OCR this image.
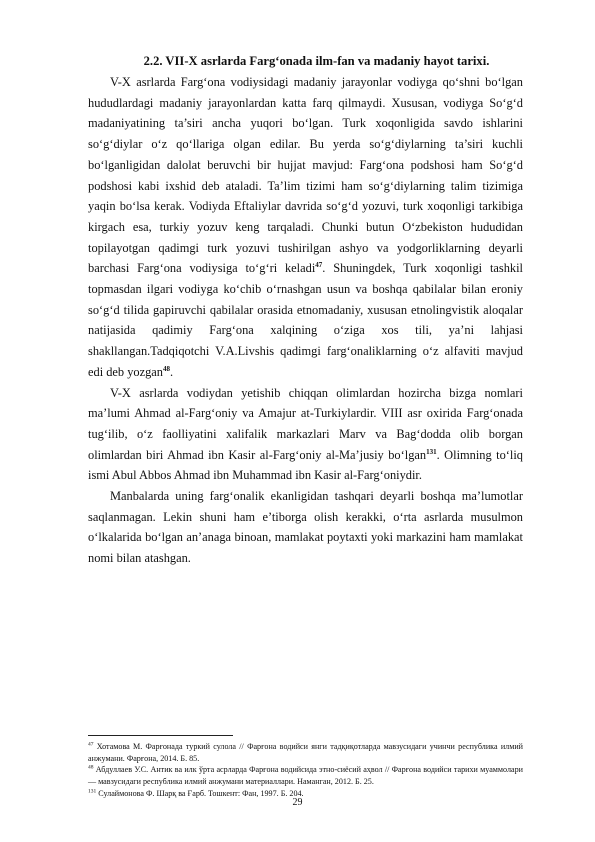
2.2. VII-X asrlarda Farg‘onada ilm-fan va madaniy hayot tarixi.

V-X asrlarda Farg‘ona vodiysidagi madaniy jarayonlar vodiyga qo‘shni bo‘lgan hududlardagi madaniy jarayonlardan katta farq qilmaydi. Xususan, vodiyga So‘g‘d madaniyatining ta’siri ancha yuqori bo‘lgan. Turk xoqonligida savdo ishlarini so‘g‘diylar o‘z qo‘llariga olgan edilar. Bu yerda so‘g‘diylarning ta’siri kuchli bo‘lganligidan dalolat beruvchi bir hujjat mavjud: Farg‘ona podshosi ham So‘g‘d podshosi kabi ixshid deb ataladi. Ta’lim tizimi ham so‘g‘diylarning talim tizimiga yaqin bo‘lsa kerak. Vodiyda Eftaliylar davrida so‘g‘d yozuvi, turk xoqonligi tarkibiga kirgach esa, turkiy yozuv keng tarqaladi. Chunki butun O‘zbekiston hududidan topilayotgan qadimgi turk yozuvi tushirilgan ashyo va yodgorliklarning deyarli barchasi Farg‘ona vodiysiga to‘g‘ri keladi$^{47}$. Shuningdek, Turk xoqonligi tashkil topmasdan ilgari vodiyga ko‘chib o‘rnashgan usun va boshqa qabilalar bilan eroniy so‘g‘d tilida gapiruvchi qabilalar orasida etnomadaniy, xususan etnolingvistik aloqalar natijasida qadimiy Farg‘ona xalqining o‘ziga xos tili, ya’ni lahjasi shakllangan.Tadqiqotchi V.A.Livshis qadimgi farg‘onaliklarning o‘z alfaviti mavjud edi deb yozgan$^{48}$.

V-X asrlarda vodiydan yetishib chiqqan olimlardan hozircha bizga nomlari ma’lumi Ahmad al-Farg‘oniy va Amajur at-Turkiylardir. VIII asr oxirida Farg‘onada tug‘ilib, o‘z faolliyatini xalifalik markazlari Marv va Bag‘dodda olib borgan olimlardan biri Ahmad ibn Kasir al-Farg‘oniy al-Ma’jusiy bo‘lgan$^{131}$. Olimning to‘liq ismi Abul Abbos Ahmad ibn Muhammad ibn Kasir al-Farg‘oniydir.

Manbalarda uning farg‘onalik ekanligidan tashqari deyarli boshqa ma’lumotlar saqlanmagan. Lekin shuni ham e’tiborga olish kerakki, o‘rta asrlarda musulmon o‘lkalarida bo‘lgan an’anaga binoan, mamlakat poytaxti yoki markazini ham mamlakat nomi bilan atashgan.

$^{47}$ Хотамова М. Фарғонада туркий сулола // Фарғона водийси янги тадқиқотларда мавзусидаги учинчи республика илмий анжумани. Фарғона, 2014. Б. 85.

$^{48}$ Абдуллаев У.С. Антик ва илк ўрта асрларда Фарғона водийсида этно-сиёсий аҳвол // Фарғона водийси тарихи муаммолари — мавзусидаги республика илмий анжумани материаллари. Наманган, 2012. Б. 25.

$^{131}$ Сулаймонова Ф. Шарқ ва Ғарб. Тошкент: Фан, 1997. Б. 204.

29
